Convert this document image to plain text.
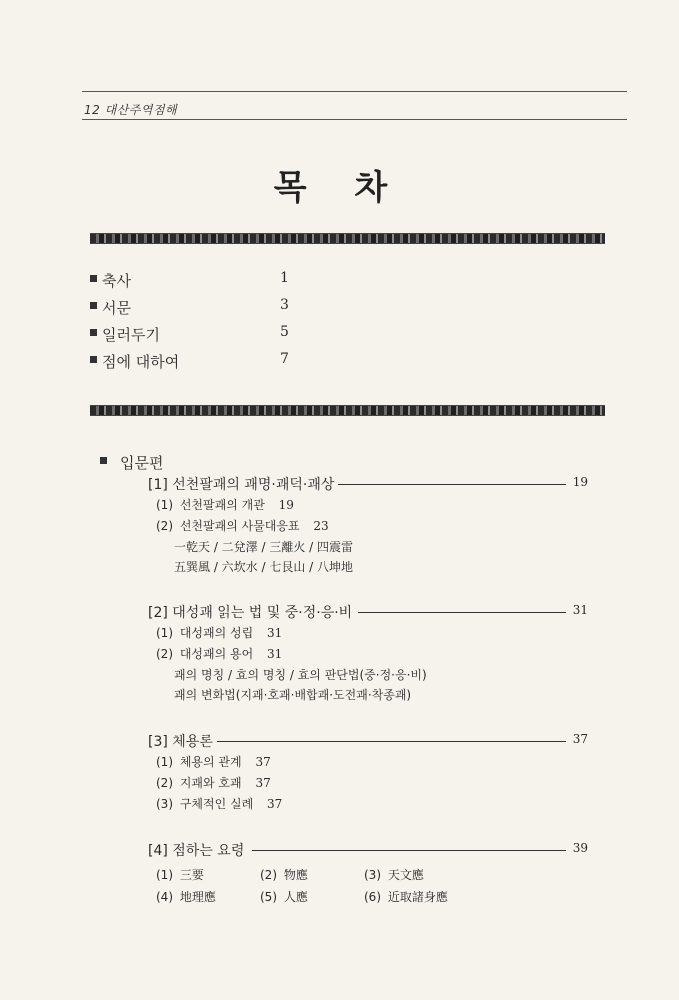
12 대산주역점해
목 차
축사	1
서문	3
일러두기	5
점에 대하여	7
입문편
[1] 선천팔괘의 괘명·괘덕·괘상	19
(1) 선천팔괘의 개관 19
(2) 선천팔괘의 사물대응표 23
一乾天 / 二兌澤 / 三離火 / 四震雷
五巽風 / 六坎水 / 七艮山 / 八坤地
[2] 대성괘 읽는 법 및 중·정·응·비	31
(1) 대성괘의 성립 31
(2) 대성괘의 용어 31
괘의 명칭 / 효의 명칭 / 효의 판단법(중·정·응·비)
괘의 변화법(지괘·호괘·배합괘·도전괘·착종괘)
[3] 체용론	37
(1) 체용의 관계 37
(2) 지괘와 호괘 37
(3) 구체적인 실례 37
[4] 점하는 요령	39
(1) 三要	(2) 物應	(3) 天文應
(4) 地理應	(5) 人應	(6) 近取諸身應
